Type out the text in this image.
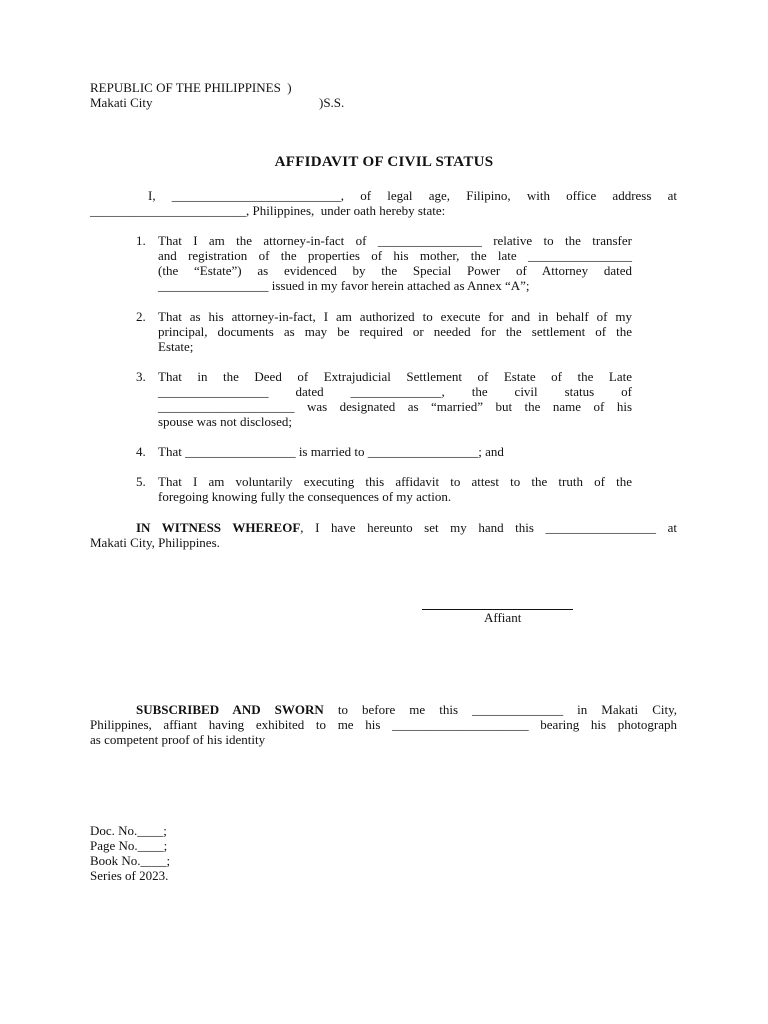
REPUBLIC OF THE PHILIPPINES  )
Makati City	)S.S.
AFFIDAVIT OF CIVIL STATUS
I, __________________________, of legal age, Filipino, with office address at
________________________, Philippines,  under oath hereby state:
1. That I am the attorney-in-fact of ________________ relative to the transfer
and registration of the properties of his mother, the late ________________
(the “Estate”) as evidenced by the Special Power of Attorney dated
_________________ issued in my favor herein attached as Annex “A”;
2. That as his attorney-in-fact, I am authorized to execute for and in behalf of my
principal, documents as may be required or needed for the settlement of the
Estate;
3. That in the Deed of Extrajudicial Settlement of Estate of the Late
_________________ dated ______________, the civil status of
_____________________ was designated as “married” but the name of his
spouse was not disclosed;
4. That _________________ is married to _________________; and
5. That I am voluntarily executing this affidavit to attest to the truth of the
foregoing knowing fully the consequences of my action.
IN WITNESS WHEREOF, I have hereunto set my hand this _________________ at
Makati City, Philippines.
Affiant
SUBSCRIBED AND SWORN to before me this ______________ in Makati City,
Philippines, affiant having exhibited to me his _____________________ bearing his photograph
as competent proof of his identity
Doc. No.____;
Page No.____;
Book No.____;
Series of 2023.
